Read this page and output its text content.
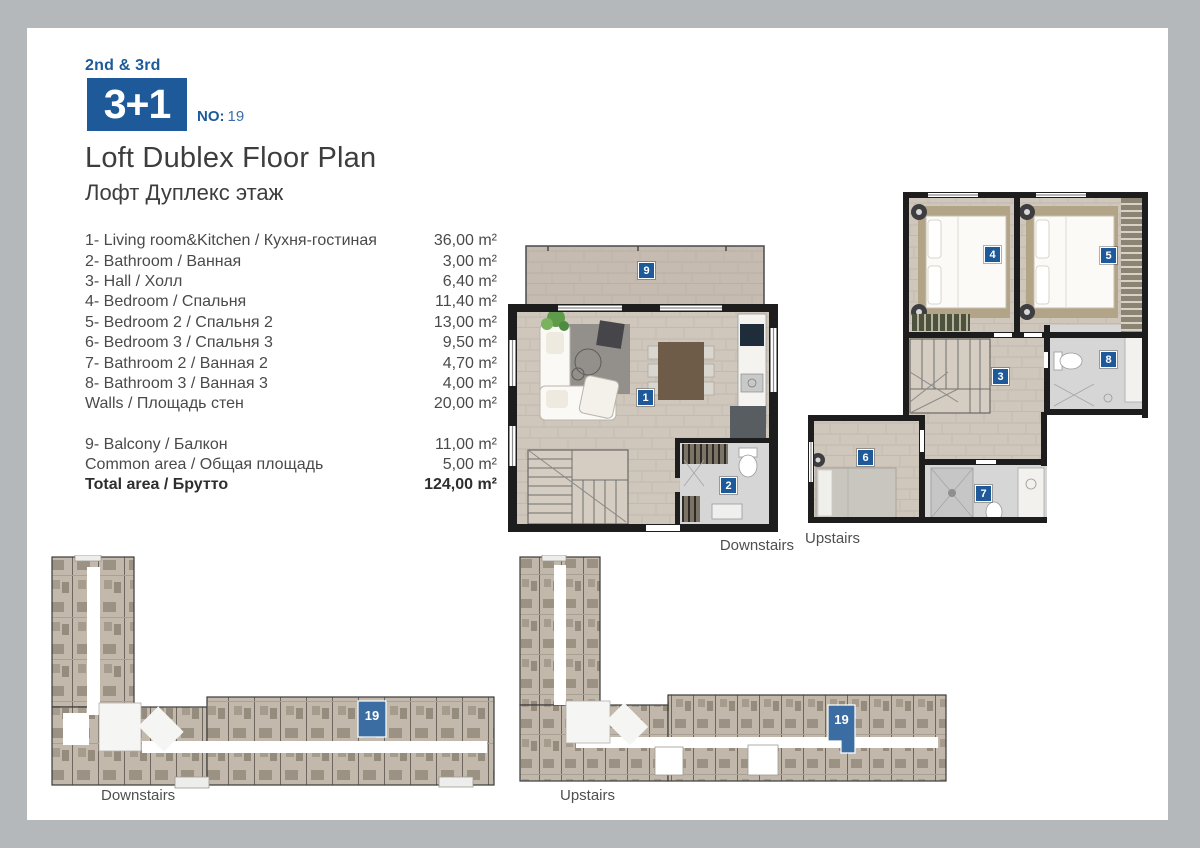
2nd & 3rd
3+1 NO: 19
Loft Dublex Floor Plan
Лофт Дуплекс этаж
1- Living room&Kitchen / Кухня-гостиная	36,00 m²
2- Bathroom / Ванная	3,00 m²
3- Hall / Холл	6,40 m²
4- Bedroom / Спальня	11,40 m²
5- Bedroom 2 / Спальня 2	13,00 m²
6- Bedroom 3 / Спальня 3	9,50 m²
7- Bathroom 2 / Ванная 2	4,70 m²
8- Bathroom 3 / Ванная 3	4,00 m²
Walls / Площадь стен	20,00 m²
9- Balcony / Балкон	11,00 m²
Common area / Общая площадь	5,00 m²
Total area / Брутто	124,00 m²
9
1
2
4	5
3
8
6
7
Downstairs Upstairs
19
Downstairs
19
Upstairs
